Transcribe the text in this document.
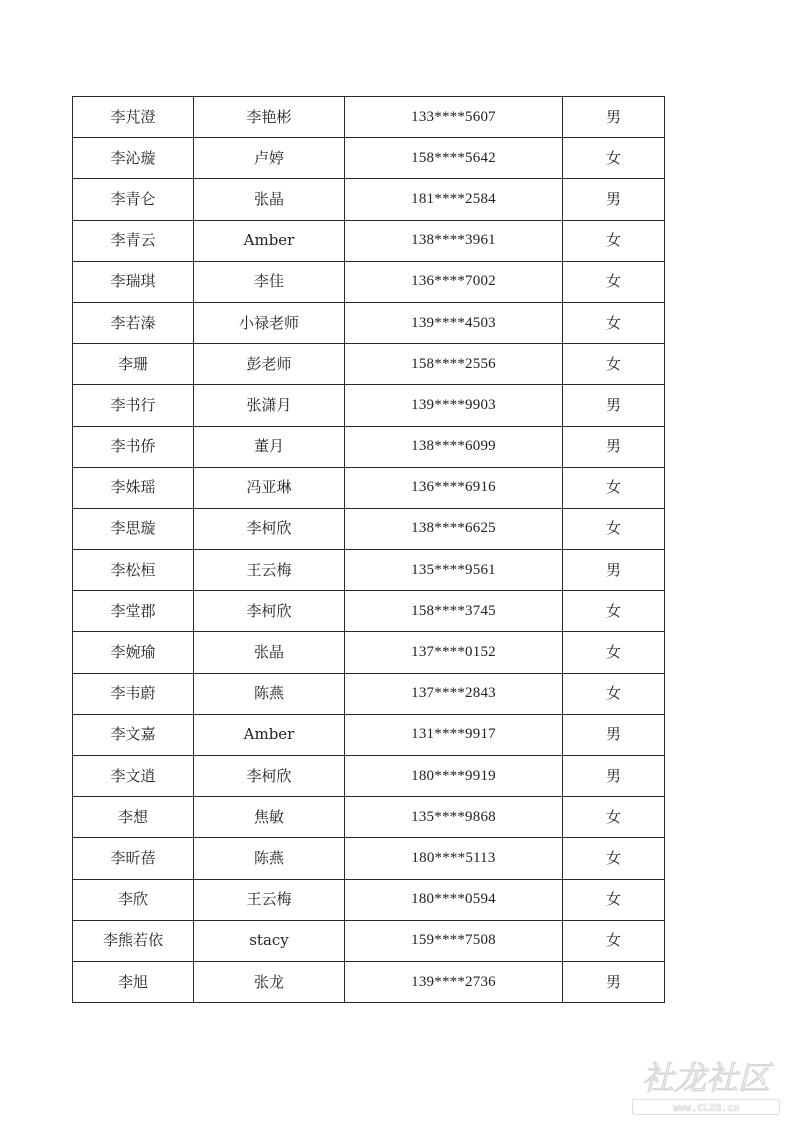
李芃澄	李艳彬	133****5607	男
李沁璇	卢婷	158****5642	女
李青仑	张晶	181****2584	男
李青云	Amber	138****3961	女
李瑞琪	李佳	136****7002	女
李若溱	小禄老师	139****4503	女
李珊	彭老师	158****2556	女
李书行	张潇月	139****9903	男
李书侨	董月	138****6099	男
李姝瑶	冯亚琳	136****6916	女
李思璇	李柯欣	138****6625	女
李松桓	王云梅	135****9561	男
李堂郡	李柯欣	158****3745	女
李婉瑜	张晶	137****0152	女
李韦蔚	陈燕	137****2843	女
李文嘉	Amber	131****9917	男
李文逍	李柯欣	180****9919	男
李想	焦敏	135****9868	女
李昕蓓	陈燕	180****5113	女
李欣	王云梅	180****0594	女
李熊若依	stacy	159****7508	女
李旭	张龙	139****2736	男
社龙社区
www.CLZG.cn
